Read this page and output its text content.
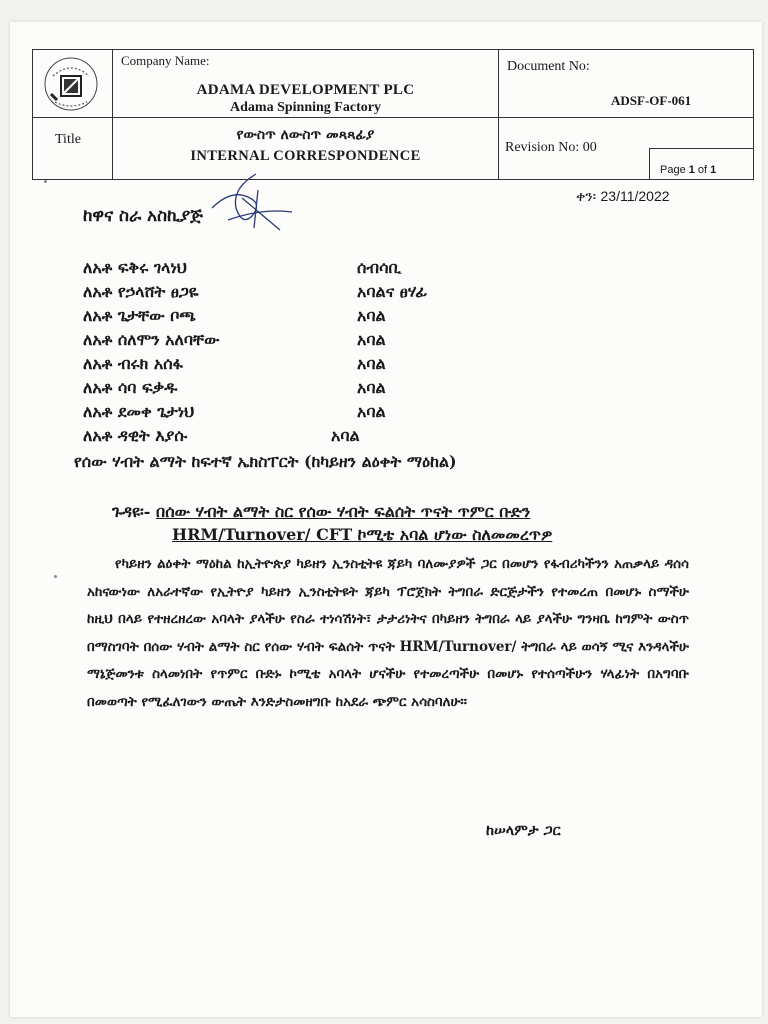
Company Name:
ADAMA DEVELOPMENT PLC
Adama Spinning Factory
Document No:
ADSF-OF-061
Title	የውስጥ ለውስጥ መጻጻፊያ
INTERNAL CORRESPONDENCE
Revision No: 00
Page 1 of 1
ቀን፡ 23/11/2022
ከዋና ስራ አስኪያጅ
ለአቶ ፍቅሩ ገላነህ	ሰብሳቢ
ለአቶ የኃላሸት ፀጋዬ	አባልና ፀሃፊ
ለአቶ ጌታቸው ቦጫ	አባል
ለአቶ ሰለሞን አለባቸው	አባል
ለአቶ ብሩክ አሰፋ	አባል
ለአቶ ሳባ ፍቃዱ	አባል
ለአቶ ደመቀ ጌታነህ	አባል
ለአቶ ዳዊት እያሱ	አባል
የሰው ሃብት ልማት ከፍተኛ ኤክስፐርት (ከካይዘን ልዕቀት ማዕከል)
ጉዳዩ፡- በሰው ሃብት ልማት ስር የሰው ሃብት ፍልሰት ጥናት ጥምር ቡድን
HRM/Turnover/ CFT ኮሚቴ አባል ሆነው ስለመመረጥዎ
የካይዘን ልዕቀት ማዕከል ከኢትዮጵያ ካይዘን ኢንስቲትዩ ጃይካ ባለሙያዎች ጋር በመሆን የፋብሪካችንን አጠቃላይ ዳሰሳ አከናውነው ለአራተኛው የኢትዮያ ካይዘን ኢንስቲትዩት ጃይካ ፕሮጀክት ትግበራ ድርጅታችን የተመረጠ በመሆኑ ስማችሁ ከዚህ በላይ የተዘረዘረው አባላት ያላችሁ የስራ ተነሳሽነት፣ ታታሪነትና በካይዘን ትግበራ ላይ ያላችሁ ግንዛቤ ከግምት ውስጥ በማስገባት በሰው ሃብት ልማት ስር የሰው ሃብት ፍልሰት ጥናት HRM/Turnover/ ትግበራ ላይ ወሳኝ ሚና እንዳላችሁ ማኔጅመንቱ ስላመነበት የጥምር ቡድኑ ኮሚቴ አባላት ሆናችሁ የተመረጣችሁ በመሆኑ የተሰጣችሁን ሃላፊነት በአግባቡ በመወጣት የሚፈለገውን ውጤት እንድታስመዘግቡ ከአደራ ጭምር አሳስባለሁ፡፡
ከሠላምታ ጋር
